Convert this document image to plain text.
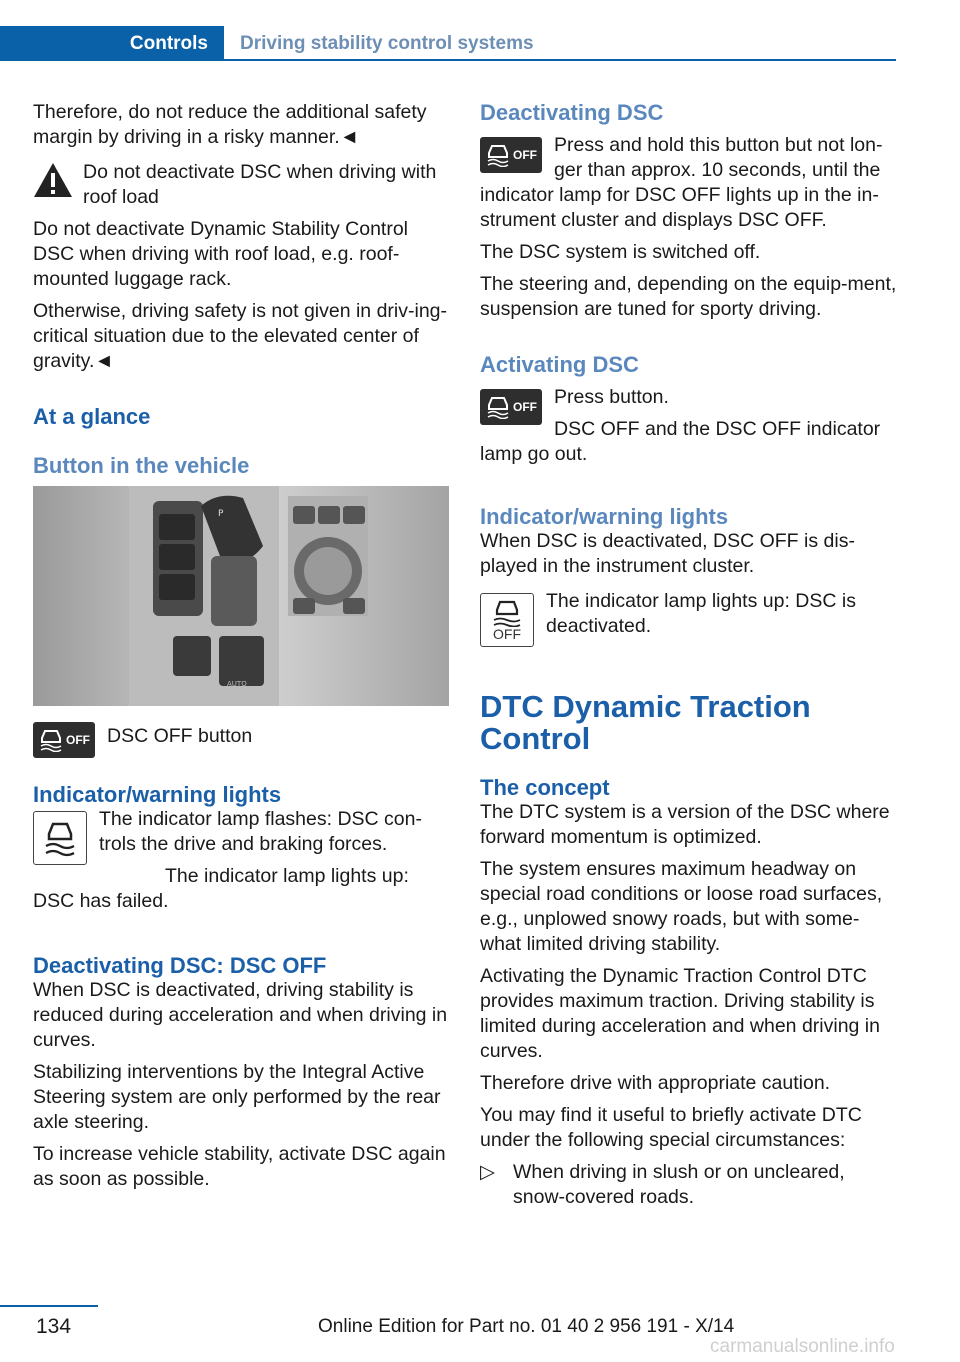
Controls	Driving stability control systems

Therefore, do not reduce the additional safety margin by driving in a risky manner.◄

Do not deactivate DSC when driving with roof load

Do not deactivate Dynamic Stability Control DSC when driving with roof load, e.g. roof-mounted luggage rack.

Otherwise, driving safety is not given in driv-ing-critical situation due to the elevated center of gravity.◄

At a glance
Button in the vehicle
P
AUTO
OFF DSC OFF button

Indicator/warning lights

The indicator lamp flashes: DSC con-trols the drive and braking forces.

The indicator lamp lights up: DSC has failed.

Deactivating DSC: DSC OFF

When DSC is deactivated, driving stability is reduced during acceleration and when driving in curves.

Stabilizing interventions by the Integral Active Steering system are only performed by the rear axle steering.

To increase vehicle stability, activate DSC again as soon as possible.

Deactivating DSC
OFF Press and hold this button but not lon-ger than approx. 10 seconds, until the indicator lamp for DSC OFF lights up in the in-strument cluster and displays DSC OFF.

The DSC system is switched off.

The steering and, depending on the equip-ment, suspension are tuned for sporty driving.

Activating DSC
OFF Press button.

DSC OFF and the DSC OFF indicator lamp go out.

Indicator/warning lights

When DSC is deactivated, DSC OFF is dis-played in the instrument cluster.

OFF

The indicator lamp lights up: DSC is deactivated.

DTC Dynamic Traction Control
The concept

The DTC system is a version of the DSC where forward momentum is optimized.

The system ensures maximum headway on special road conditions or loose road surfaces, e.g., unplowed snowy roads, but with some-what limited driving stability.

Activating the Dynamic Traction Control DTC provides maximum traction. Driving stability is limited during acceleration and when driving in curves.

Therefore drive with appropriate caution.

You may find it useful to briefly activate DTC under the following special circumstances:

▷ When driving in slush or on uncleared, snow-covered roads.
134	Online Edition for Part no. 01 40 2 956 191 - X/14
carmanualsonline.info
